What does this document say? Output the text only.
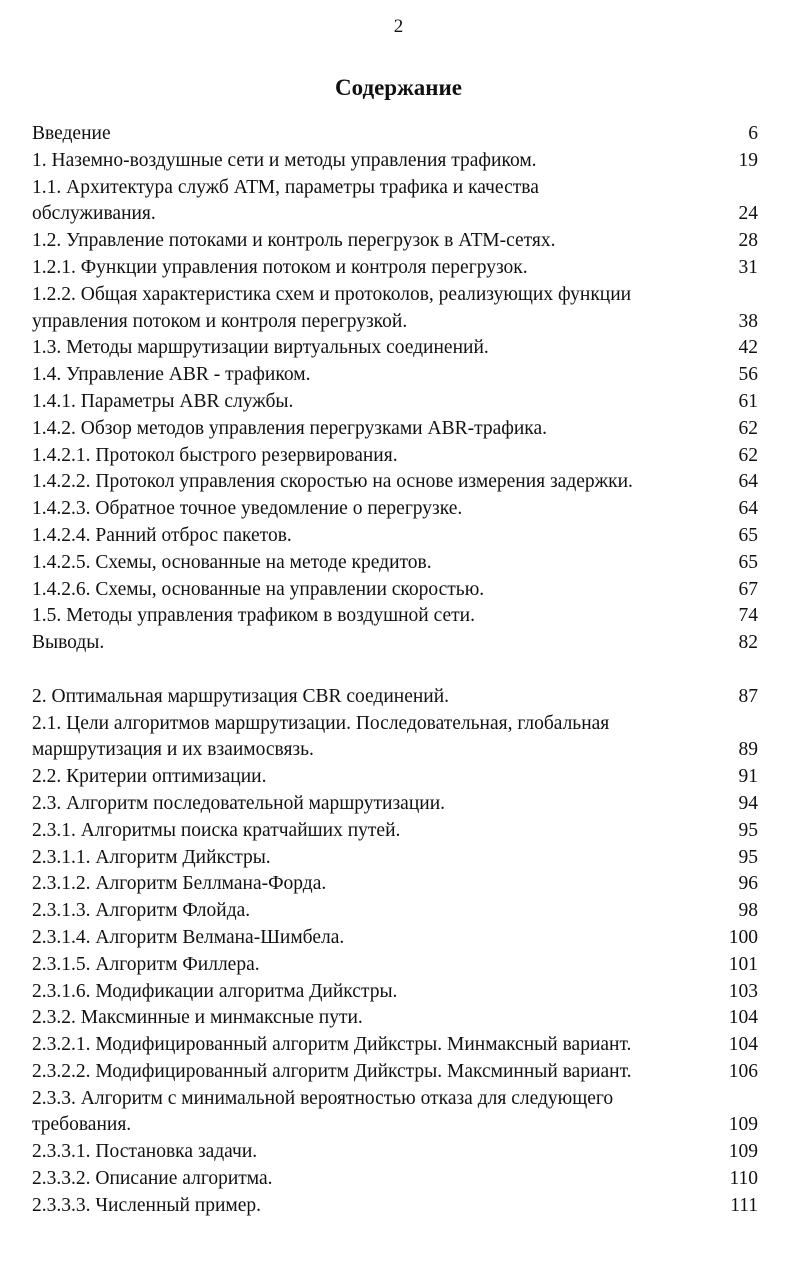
2
Содержание
Введение	6
1. Наземно-воздушные сети и методы управления трафиком.	19
1.1. Архитектура служб АТМ, параметры трафика и качества
обслуживания.	24
1.2. Управление потоками и контроль перегрузок в АТМ-сетях.	28
1.2.1. Функции управления потоком и контроля перегрузок.	31
1.2.2. Общая характеристика схем и протоколов, реализующих функции
управления потоком и контроля перегрузкой.	38
1.3. Методы маршрутизации виртуальных соединений.	42
1.4. Управление ABR - трафиком.	56
1.4.1. Параметры ABR службы.	61
1.4.2. Обзор методов управления перегрузками ABR-трафика.	62
1.4.2.1. Протокол быстрого резервирования.	62
1.4.2.2. Протокол управления скоростью на основе измерения задержки.	64
1.4.2.3. Обратное точное уведомление о перегрузке.	64
1.4.2.4. Ранний отброс пакетов.	65
1.4.2.5. Схемы, основанные на методе кредитов.	65
1.4.2.6. Схемы, основанные на управлении скоростью.	67
1.5. Методы управления трафиком в воздушной сети.	74
Выводы.	82
2. Оптимальная маршрутизация CBR соединений.	87
2.1. Цели алгоритмов маршрутизации. Последовательная, глобальная
маршрутизация и их взаимосвязь.	89
2.2. Критерии оптимизации.	91
2.3. Алгоритм последовательной маршрутизации.	94
2.3.1. Алгоритмы поиска кратчайших путей.	95
2.3.1.1. Алгоритм Дийкстры.	95
2.3.1.2. Алгоритм Беллмана-Форда.	96
2.3.1.3. Алгоритм Флойда.	98
2.3.1.4. Алгоритм Велмана-Шимбела.	100
2.3.1.5. Алгоритм Филлера.	101
2.3.1.6. Модификации алгоритма Дийкстры.	103
2.3.2. Максминные и минмаксные пути.	104
2.3.2.1. Модифицированный алгоритм Дийкстры. Минмаксный вариант.	104
2.3.2.2. Модифицированный алгоритм Дийкстры. Максминный вариант.	106
2.3.3. Алгоритм с минимальной вероятностью отказа для следующего
требования.	109
2.3.3.1. Постановка задачи.	109
2.3.3.2. Описание алгоритма.	110
2.3.3.3. Численный пример.	111
